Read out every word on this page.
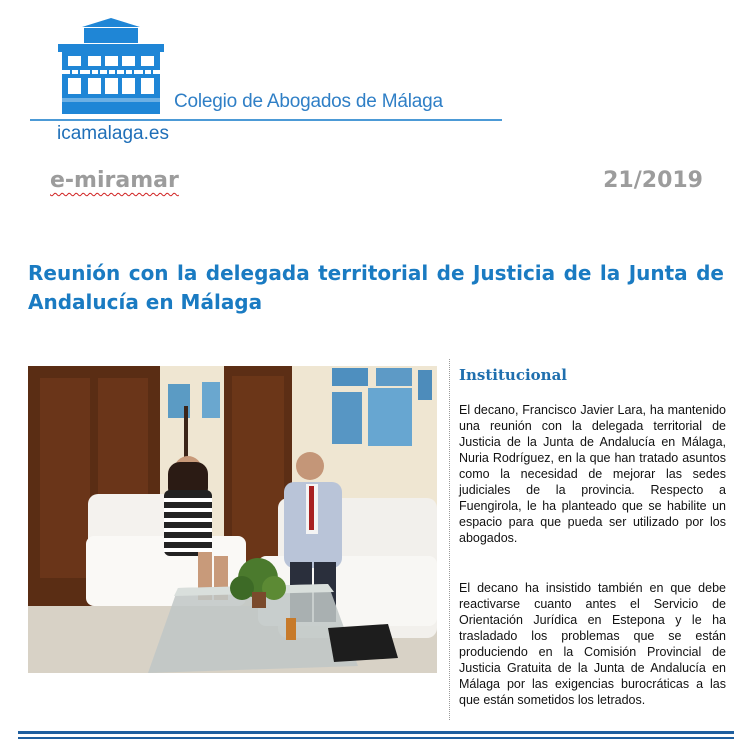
Colegio de Abogados de Málaga
icamalaga.es
e-miramar	21/2019
Reunión con la delegada territorial de Justicia de la Junta de Andalucía en Málaga
Institucional

El decano, Francisco Javier Lara, ha mantenido una reunión con la delegada territorial de Justicia de la Junta de Andalucía en Málaga, Nuria Rodríguez, en la que han tratado asuntos como la necesidad de mejorar las sedes judiciales de la provincia. Respecto a Fuengirola, le ha planteado que se habilite un espacio para que pueda ser utilizado por los abogados.

El decano ha insistido también en que debe reactivarse cuanto antes el Servicio de Orientación Jurídica en Estepona y le ha trasladado los problemas que se están produciendo en la Comisión Provincial de Justicia Gratuita de la Junta de Andalucía en Málaga por las exigencias burocráticas a las que están sometidos los letrados.
